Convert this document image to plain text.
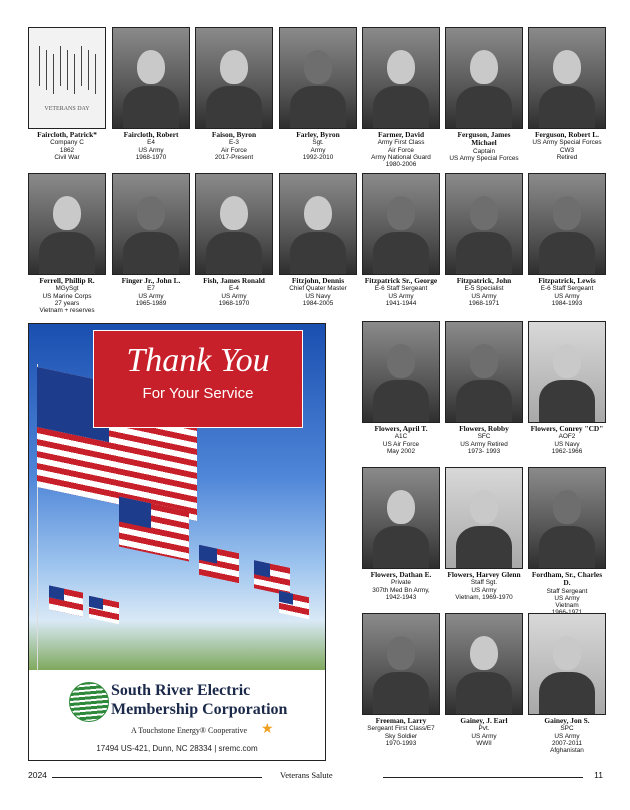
VETERANS DAY
Faircloth, Patrick*
Company C
1862
Civil War
Faircloth, Robert
E4
US Army
1968-1970
Faison, Byron
E-3
Air Force
2017-Present
Farley, Byron
Sgt.
Army
1992-2010
Farmer, David
Army First Class
Air Force
Army National Guard
1980-2006
Ferguson, James Michael
Captain
US Army Special Forces
Ferguson, Robert L.
US Army Special Forces
CW3
Retired
Ferrell, Phillip R.
MGySgt
US Marine Corps
27 years
Vietnam + reserves
Finger Jr., John L.
E7
US Army
1965-1989
Fish, James Ronald
E-4
US Army
1968-1970
Fitzjohn, Dennis
Chief Quater Master
US Navy
1984-2005
Fitzpatrick Sr., George
E-6 Staff Sergeant
US Army
1941-1944
Fitzpatrick, John
E-5 Specialist
US Army
1968-1971
Fitzpatrick, Lewis
E-6 Staff Sergeant
US Army
1984-1993
Flowers, April T.
A1C
US Air Force
May 2002
Flowers, Robby
SFC
US Army Retired
1973- 1993
Flowers, Conrey "CD"
AOF2
US Navy
1962-1966
Flowers, Dathan E.
Private
307th Med Bn Army,
1942-1943
Flowers, Harvey Glenn
Staff Sgt.
US Army
Vietnam, 1969-1970
Fordham, Sr., Charles D.
Staff Sergeant
US Army
Vietnam
Freeman, Larry
Sergeant First Class/E7
Sky Soldier
1970-1993
Gainey, J. Earl
Pvt.
US Army
WWII
Gainey, Jon S.
SPC
US Army
2007-2011
Afghanistan
Thank You
For Your Service
South River Electric
Membership Corporation
A Touchstone Energy® Cooperative ★
17494 US-421, Dunn, NC 28334 | sremc.com
2024	Veterans Salute	11
